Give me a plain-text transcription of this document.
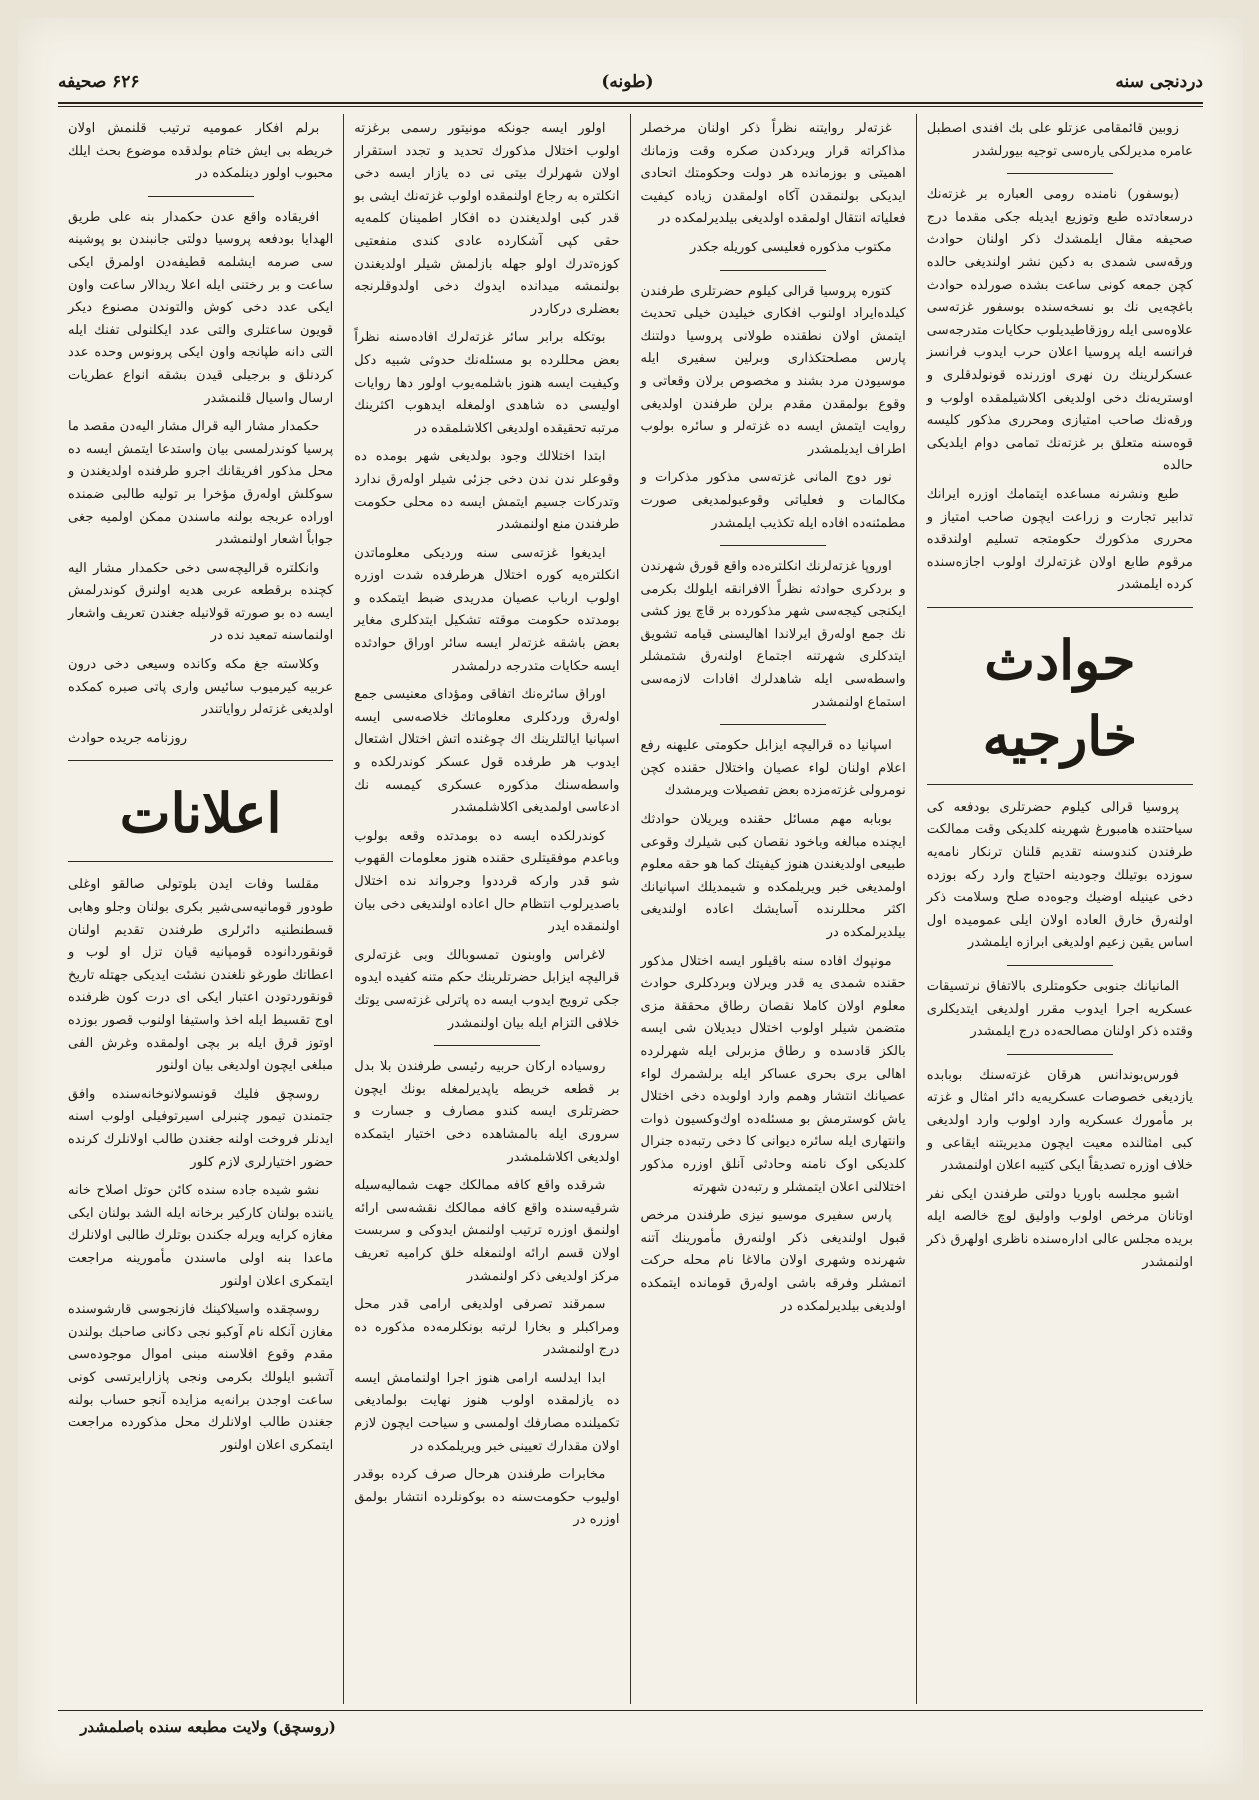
دردنجی سنه
(طونه)
۶۲۶ صحیفه

زوبین قائمقامی عزتلو علی بك افندی اصطبل عامره مدیرلکی یاره‌سی توجیه بیورلشدر

(بوسفور) نامنده رومی العباره بر غزته‌نك درسعادتده طبع وتوزیع ایدیله جکی مقدما درج صحیفه مقال ایلمشدك ذکر اولنان حوادث ورقه‌سی شمدی به دکین نشر اولندیغی حالده کچن جمعه کونی ساعت بشده صورلده حوادث باغچه‌یی نك بو نسخه‌سنده بوسفور غزته‌سی علاوه‌سی ایله روزقاطیدیلوب حکایات متدرجه‌سی فرانسه ایله پروسیا اعلان حرب ایدوب فرانسز عسکرلرینك رن نهری اوزرنده قونولدقلری و اوستریه‌نك دخی اولدیغی اکلاشیلمقده اولوب و ورقه‌نك صاحب امتیازی ومحرری مذکور کلیسه قوه‌سنه متعلق بر غزته‌نك تمامی دوام ایلدیکی حالده

طبع ونشرنه مساعده ایتمامك اوزره ایرانك تدابیر تجارت و زراعت ایچون صاحب امتیاز و محرری مذکورك حکومتجه تسلیم اولندقده مرقوم طابع اولان غزته‌لرك اولوب اجازه‌سنده کرده ایلمشدر

حوادث خارجیه

پروسیا قرالی کیلوم حضرتلری بودفعه کی سیاحتنده هامبورغ شهرینه کلدیکی وقت ممالکت طرفندن کندوسنه تقدیم قلنان ترنکار نامه‌یه سوزده بوتیلك وجودینه احتیاج وارد رکه بوزده دخی عینیله اوضیك وجوه‌ده صلح وسلامت ذکر اولنه‌رق خارق العاده اولان ایلی عمومیده اول اساس یقین زعیم اولدیغی ابرازه ایلمشدر

المانیانك جنوبی حکومتلری بالاتفاق نرتسیقات عسکریه اجرا ایدوب مقرر اولدیغی ایتدیکلری وقتده ذکر اولنان مصالحه‌ده درج ایلمشدر

فورس‌بوندانس هرقان غزته‌سنك بوبابده یازدیغی خصوصات عسکریه‌یه دائر امثال و غزته بر مأمورك عسکریه وارد اولوب وارد اولدیغی کبی امثالنده معیت ایچون مدیریتنه ایقاعی و خلاف اوزره تصدیقاً ایکی کتیبه اعلان اولنمشدر

اشبو مجلسه باوریا دولتی طرفندن ایکی نفر اوتانان مرخص اولوب واولیق لوچ خالصه ایله بریده مجلس عالی اداره‌سنده ناظری اولهرق ذکر اولنمشدر

غزته‌لر روایتنه نظراً ذکر اولنان مرخصلر مذاکراته قرار ویردکدن صکره وقت وزمانك اهمیتی و بوزمانده هر دولت وحکومتك اتحادی ایدیکی بولنمقدن آکاه اولمقدن زیاده کیفیت فعلیاته انتقال اولمقده اولدیغی بیلدیرلمکده در

مکتوب مذکوره فعلیسی کوریله جکدر

کتوره پروسیا قرالی کیلوم حضرتلری طرفندن کیلده‌ایراد اولنوب افکاری خیلیدن خیلی تحدیث ایتمش اولان نطقنده طولانی پروسیا دولتنك پارس مصلحتکذاری وبرلین سفیری ایله موسیودن مرد بشند و مخصوص برلان وقعاتی و وقوع بولمقدن مقدم برلن طرفندن اولدیغی روایت ایتمش ایسه ده غزته‌لر و سائره بولوب اطراف ایدیلمشدر

نور دوج المانی غزته‌سی مذکور مذکرات و مکالمات و فعلیاتی وقوعبولمدیغی صورت مطمئنه‌ده افاده ایله تکذیب ایلمشدر

اوروپا غزته‌لرنك انكلتره‌ده واقع قورق شهرندن و بردکری حوادثه نظراً الافرانقه ایلولك بکرمی ایکنجی کیجه‌سی شهر مذکورده بر قاچ یوز کشی نك جمع اوله‌رق ایرلاندا اهالیسنی قیامه تشویق ایتدکلری شهرتنه اجتماع اولنه‌رق شتمشلر واسطه‌سی ایله شاهدلرك افادات لازمه‌سی استماع اولنمشدر

اسپانیا ده قرالیچه ایزابل حکومتی علیهنه رفع اعلام اولنان لواء عصیان واختلال حقنده کچن نومرولی غزته‌مزده بعض تفصیلات ویرمشدك

بوبابه مهم مسائل حقنده ویریلان حوادثك ایچنده مبالغه وباخود نقصان کبی شیلرك وقوعی طبیعی اولدیغندن هنوز کیفیتك کما هو حقه معلوم اولمدیغی خبر ویریلمکده و شیمدیلك اسپانیانك اکثر محللرنده آسایشك اعاده اولندیغی بیلدیرلمکده در

مونپوك افاده سنه باقیلور ایسه اختلال مذکور حقنده شمدی یه قدر ویرلان وبردکلری حوادث معلوم اولان کاملا نقصان رطاق محققة مزی متضمن شیلر اولوب اختلال دیدیلان شی ایسه بالکز قادسده و رطاق مزبرلی ایله شهرلرده اهالی بری بحری عساکر ایله برلشمرك لواء عصیانك انتشار وهمم وارد اولوبده دخی اختلال یاش کوسترمش بو مسئله‌ده اوك‌وکسیون ذوات وانتهاری ایله سائره دیوانی کا دخی رتبه‌ده جنرال کلدیکی اوک نامنه وحادثی آنلق اوزره مذکور اختلالنی اعلان ایتمشلر و رتبه‌دن شهرته

پارس سفیری موسیو نیزی طرفندن مرخص قبول اولندیغی ذکر اولنه‌رق مأمورینك آتنه شهرنده وشهری اولان مالاغا نام محله حرکت اتمشلر وفرقه باشی اوله‌رق قومانده ایتمکده اولدیغی بیلدیرلمکده در

اولور ایسه جونکه مونیتور رسمی برغزته اولوب اختلال مذکورك تحدید و تجدد استقرار اولان شهرلرك بیتی نی ده یازار ایسه دخی انكلتره به رجاع اولنمقده اولوب غزته‌نك ایشی بو قدر کبی اولدیغندن ده افکار اطمینان کلمه‌یه حقی کپی آشکارده عادی کندی منفعتیی کوزه‌تدرك اولو جهله بازلمش شیلر اولدیغندن بولنمشه میدانده ایدوك دخی اولدوقلرنجه بعضلری درکاردر

بوتکله برابر سائر غزته‌لرك افاده‌سنه نظراً بعض محللرده بو مسئله‌نك حدوثی شبیه دکل وکیفیت ایسه هنوز باشلمه‌یوب اولور دها روایات اولیسی ده شاهدی اولمغله ایدهوب اکثرینك مرتبه تحقیقده اولدیغی اکلاشلمقده در

ابتدا اختلالك وجود بولدیغی شهر بومده ده وقوعلر ندن ندن دخی جزئی شیلر اوله‌رق ندارد وتدرکات جسیم ایتمش ایسه ده محلی حکومت طرفندن منع اولنمشدر

ایدیغوا غزته‌سی سنه وردیکی معلوماتدن انكلتره‌یه کوره اختلال هرطرفده شدت اوزره اولوب ارباب عصیان مدریدی ضبط ایتمکده و بومدتده حکومت موقته تشکیل ایتدکلری مغایر بعض باشقه غزته‌لر ایسه سائر اوراق حوادثده ایسه حکایات متدرجه درلمشدر

اوراق سائره‌نك اتفاقی ومؤدای معنیسی جمع اوله‌رق وردکلری معلوماتك خلاصه‌سی ایسه اسپانیا ایالتلرینك اك چوغنده اتش اختلال اشتعال ایدوب هر طرفده قول عسکر کوندرلکده و واسطه‌سنك مذکوره عسکری کیمسه نك ادعاسی اولمدیغی اکلاشلمشدر

کوندرلکده ایسه ده بومدتده وقعه بولوب وباعدم موفقیتلری حقنده هنوز معلومات القهوب شو قدر وارکه قرددوا وجرواند نده اختلال باصدیرلوب انتظام حال اعاده اولندیغی دخی بیان اولنمقده ایدر

لاغراس واوبنون تمسوبالك وبی غزته‌لری قرالیچه ایزابل حضرتلرینك حکم متنه کفیده ایدوه جکی ترویج ایدوب ایسه ده پاترلی غزته‌سی یوتك خلافی التزام ایله بیان اولنمشدر

روسیاده ارکان حربیه رئیسی طرفندن بلا بدل بر قطعه خریطه یاپدیرلمغله بونك ایچون حضرتلری ایسه کندو مصارف و جسارت و سروری ایله بالمشاهده دخی اختیار ایتمکده اولدیغی اکلاشلمشدر

شرقده واقع کافه ممالکك جهت شمالیه‌سیله شرقیه‌سنده واقع کافه ممالکك نقشه‌سی ارائه اولنمق اوزره ترتیب اولنمش ایدوكی و سربست اولان قسم ارائه اولنمغله خلق کرامیه تعریف مرکز اولدیغی ذکر اولنمشدر

سمرقند تصرفی اولدیغی ارامی قدر محل ومراکبلر و بخارا لرتبه بونکلرمه‌ده مذکوره ده درج اولنمشدر

ابدا ایدلسه ارامی هنوز اجرا اولنمامش ایسه ده یازلمقده اولوب هنوز نهایت بولمادیغی تکمیلنده مصارفك اولمسی و سیاحت ایچون لازم اولان مقدارك تعیینی خبر ویریلمکده در

مخابرات طرفندن هرحال صرف کرده بوقدر اولیوب حکومت‌سنه ده بوکونلرده انتشار بولمق اوزره در

برلم افکار عمومیه ترتیب قلنمش اولان خریطه بی ایش ختام بولدقده موضوع بحث ایلك محبوب اولور دینلمکده در

افریقاده واقع عدن حکمدار بنه علی طریق الهدایا بودفعه پروسیا دولتی جانبندن بو پوشینه سی صرمه ایشلمه قطیفه‌دن اولمرق ایکی ساعت و بر رختنی ایله اعلا ریدالار ساعت واون ایکی عدد دخی کوش والتوندن مصنوع دیکر قویون ساعتلری والتی عدد ایکلنولی تفنك ایله التی دانه طپانجه واون ایکی پرونوس وحده عدد کردنلق و برجیلی قیدن بشقه انواع عطریات ارسال واسیال قلنمشدر

حکمدار مشار الیه قرال مشار الیه‌دن مقصد ما پرسیا کوندرلمسی بیان واستدعا ایتمش ایسه ده محل مذکور افریقانك اجرو طرفنده اولدیغندن و سوکلش اوله‌رق مؤخرا بر تولیه طالبی ضمنده اوراده عربجه بولنه ماسندن ممکن اولمیه جغی جواباً اشعار اولنمشدر

وانکلتره قرالیچه‌سی دخی حکمدار مشار الیه کچنده برقطعه عربی هدیه اولنرق کوندرلمش ایسه ده بو صورته قولانیله جغندن تعریف واشعار اولنماسنه تمعید نده در

وکلاسته جغ مکه وکانده وسیعی دخی درون عربیه کیرمیوب سائیس واری پاتی صبره کمکده اولدیغی غزته‌لر روایاتندر

روزنامه جریده حوادث

اعلانات

مقلسا وفات ایدن بلوتولی صالقو اوغلی طودور قومانیه‌سی‌شیر بکری بولنان وجلو وهابی قسطنطنیه دائرلری طرفندن تقدیم اولنان قونقوردانوده قومپانیه قیان تزل او لوب و اعطاتك طورغو نلغندن نشئت ایدیکی جهتله تاریخ قونقوردتودن اعتبار ایکی ای درت کون ظرفنده اوج تقسیط ایله اخذ واستیفا اولنوب قصور بوزده اوتوز قرق ایله بر بچی اولمقده وغرش الفی مبلغی ایچون اولدیغی بیان اولنور

روسچق فلیك قونسولانوخانه‌سنده وافق جتمندن تیمور چنبرلی اسیرتوفیلی اولوب اسنه ایدنلر فروخت اولنه جغندن طالب اولانلرك کرنده حضور اختیارلری لازم کلور

نشو شیده جاده سنده کائن حوتل اصلاح خانه یاننده بولنان کارکیر برخانه ایله الشد بولنان ایکی مغازه کرایه ویرله جکندن بوتلرك طالبی اولانلرك ماعدا بنه اولی ماسندن مأمورینه مراجعت ایتمکری اعلان اولنور

روسچقده واسیلاکینك فازنجوسی قارشوسنده مغازن آنکله نام آوكبو نجی دکانی صاحبك بولندن مقدم وقوع افلاسنه مبنی اموال موجوده‌سی آتشبو ایلولك بکرمی ونجی پازارایرتسی کونی ساعت اوجدن برانه‌یه مزایده آنجو حساب بولنه جغندن طالب اولانلرك محل مذکورده مراجعت ایتمکری اعلان اولنور

(روسچق) ولایت مطبعه سنده باصلمشدر
